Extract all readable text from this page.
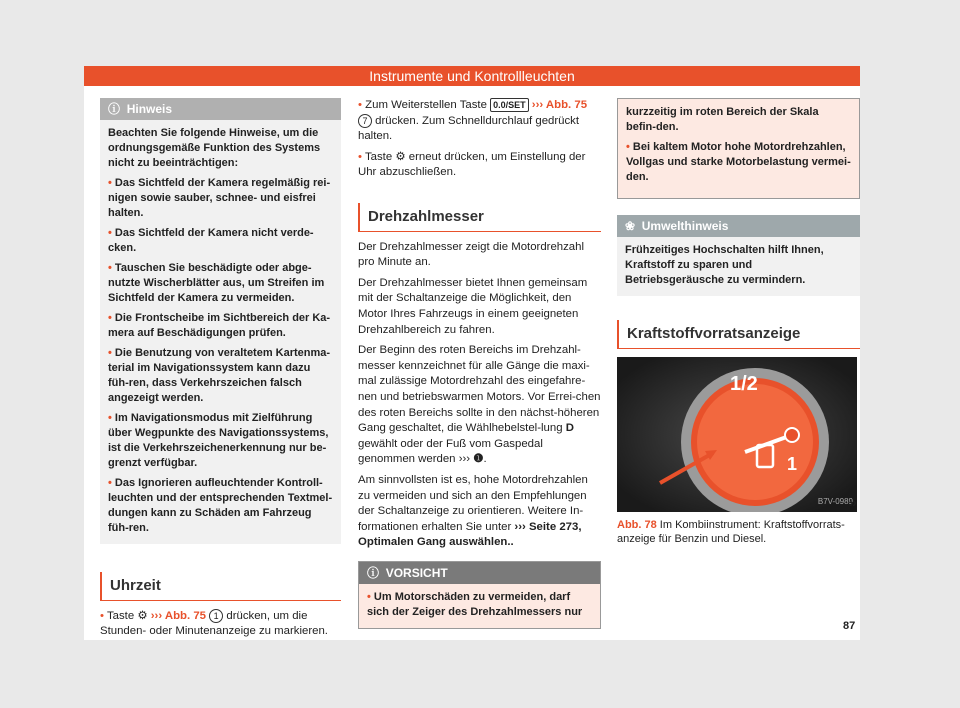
Instrumente und Kontrollleuchten
ⓘ Hinweis

Beachten Sie folgende Hinweise, um die ordnungsgemäße Funktion des Systems nicht zu beeinträchtigen:

• Das Sichtfeld der Kamera regelmäßig rei-nigen sowie sauber, schnee- und eisfrei halten.

• Das Sichtfeld der Kamera nicht verde-cken.

• Tauschen Sie beschädigte oder abge-nutzte Wischerblätter aus, um Streifen im Sichtfeld der Kamera zu vermeiden.

• Die Frontscheibe im Sichtbereich der Ka-mera auf Beschädigungen prüfen.

• Die Benutzung von veraltetem Kartenma-terial im Navigationssystem kann dazu füh-ren, dass Verkehrszeichen falsch angezeigt werden.

• Im Navigationsmodus mit Zielführung über Wegpunkte des Navigationssystems, ist die Verkehrszeichenerkennung nur be-grenzt verfügbar.

• Das Ignorieren aufleuchtender Kontroll-leuchten und der entsprechenden Textmel-dungen kann zu Schäden am Fahrzeug füh-ren.

Uhrzeit

• Taste ⚙ ››› Abb. 75 1 drücken, um die Stunden- oder Minutenanzeige zu markieren.

• Zum Weiterstellen Taste 0.0/SET ››› Abb. 75 7 drücken. Zum Schnelldurchlauf gedrückt halten.

• Taste ⚙ erneut drücken, um Einstellung der Uhr abzuschließen.

Drehzahlmesser

Der Drehzahlmesser zeigt die Motordrehzahl pro Minute an.

Der Drehzahlmesser bietet Ihnen gemeinsam mit der Schaltanzeige die Möglichkeit, den Motor Ihres Fahrzeugs in einem geeigneten Drehzahlbereich zu fahren.

Der Beginn des roten Bereichs im Drehzahl-messer kennzeichnet für alle Gänge die maxi-mal zulässige Motordrehzahl des eingefahre-nen und betriebswarmen Motors. Vor Errei-chen des roten Bereichs sollte in den nächst-höheren Gang geschaltet, die Wählhebelstel-lung D gewählt oder der Fuß vom Gaspedal genommen werden ››› ❶.

Am sinnvollsten ist es, hohe Motordrehzahlen zu vermeiden und sich an den Empfehlungen der Schaltanzeige zu orientieren. Weitere In-formationen erhalten Sie unter ››› Seite 273, Optimalen Gang auswählen..

ⓘ VORSICHT
• Um Motorschäden zu vermeiden, darf sich der Zeiger des Drehzahlmessers nur

kurzzeitig im roten Bereich der Skala befin-den.

• Bei kaltem Motor hohe Motordrehzahlen, Vollgas und starke Motorbelastung vermei-den.

❀ Umwelthinweis
Frühzeitiges Hochschalten hilft Ihnen, Kraftstoff zu sparen und Betriebsgeräusche zu vermindern.
Kraftstoffvorratsanzeige
1/2
1
B7V-0989
Abb. 78 Im Kombiinstrument: Kraftstoffvorrats-anzeige für Benzin und Diesel.
»
87
